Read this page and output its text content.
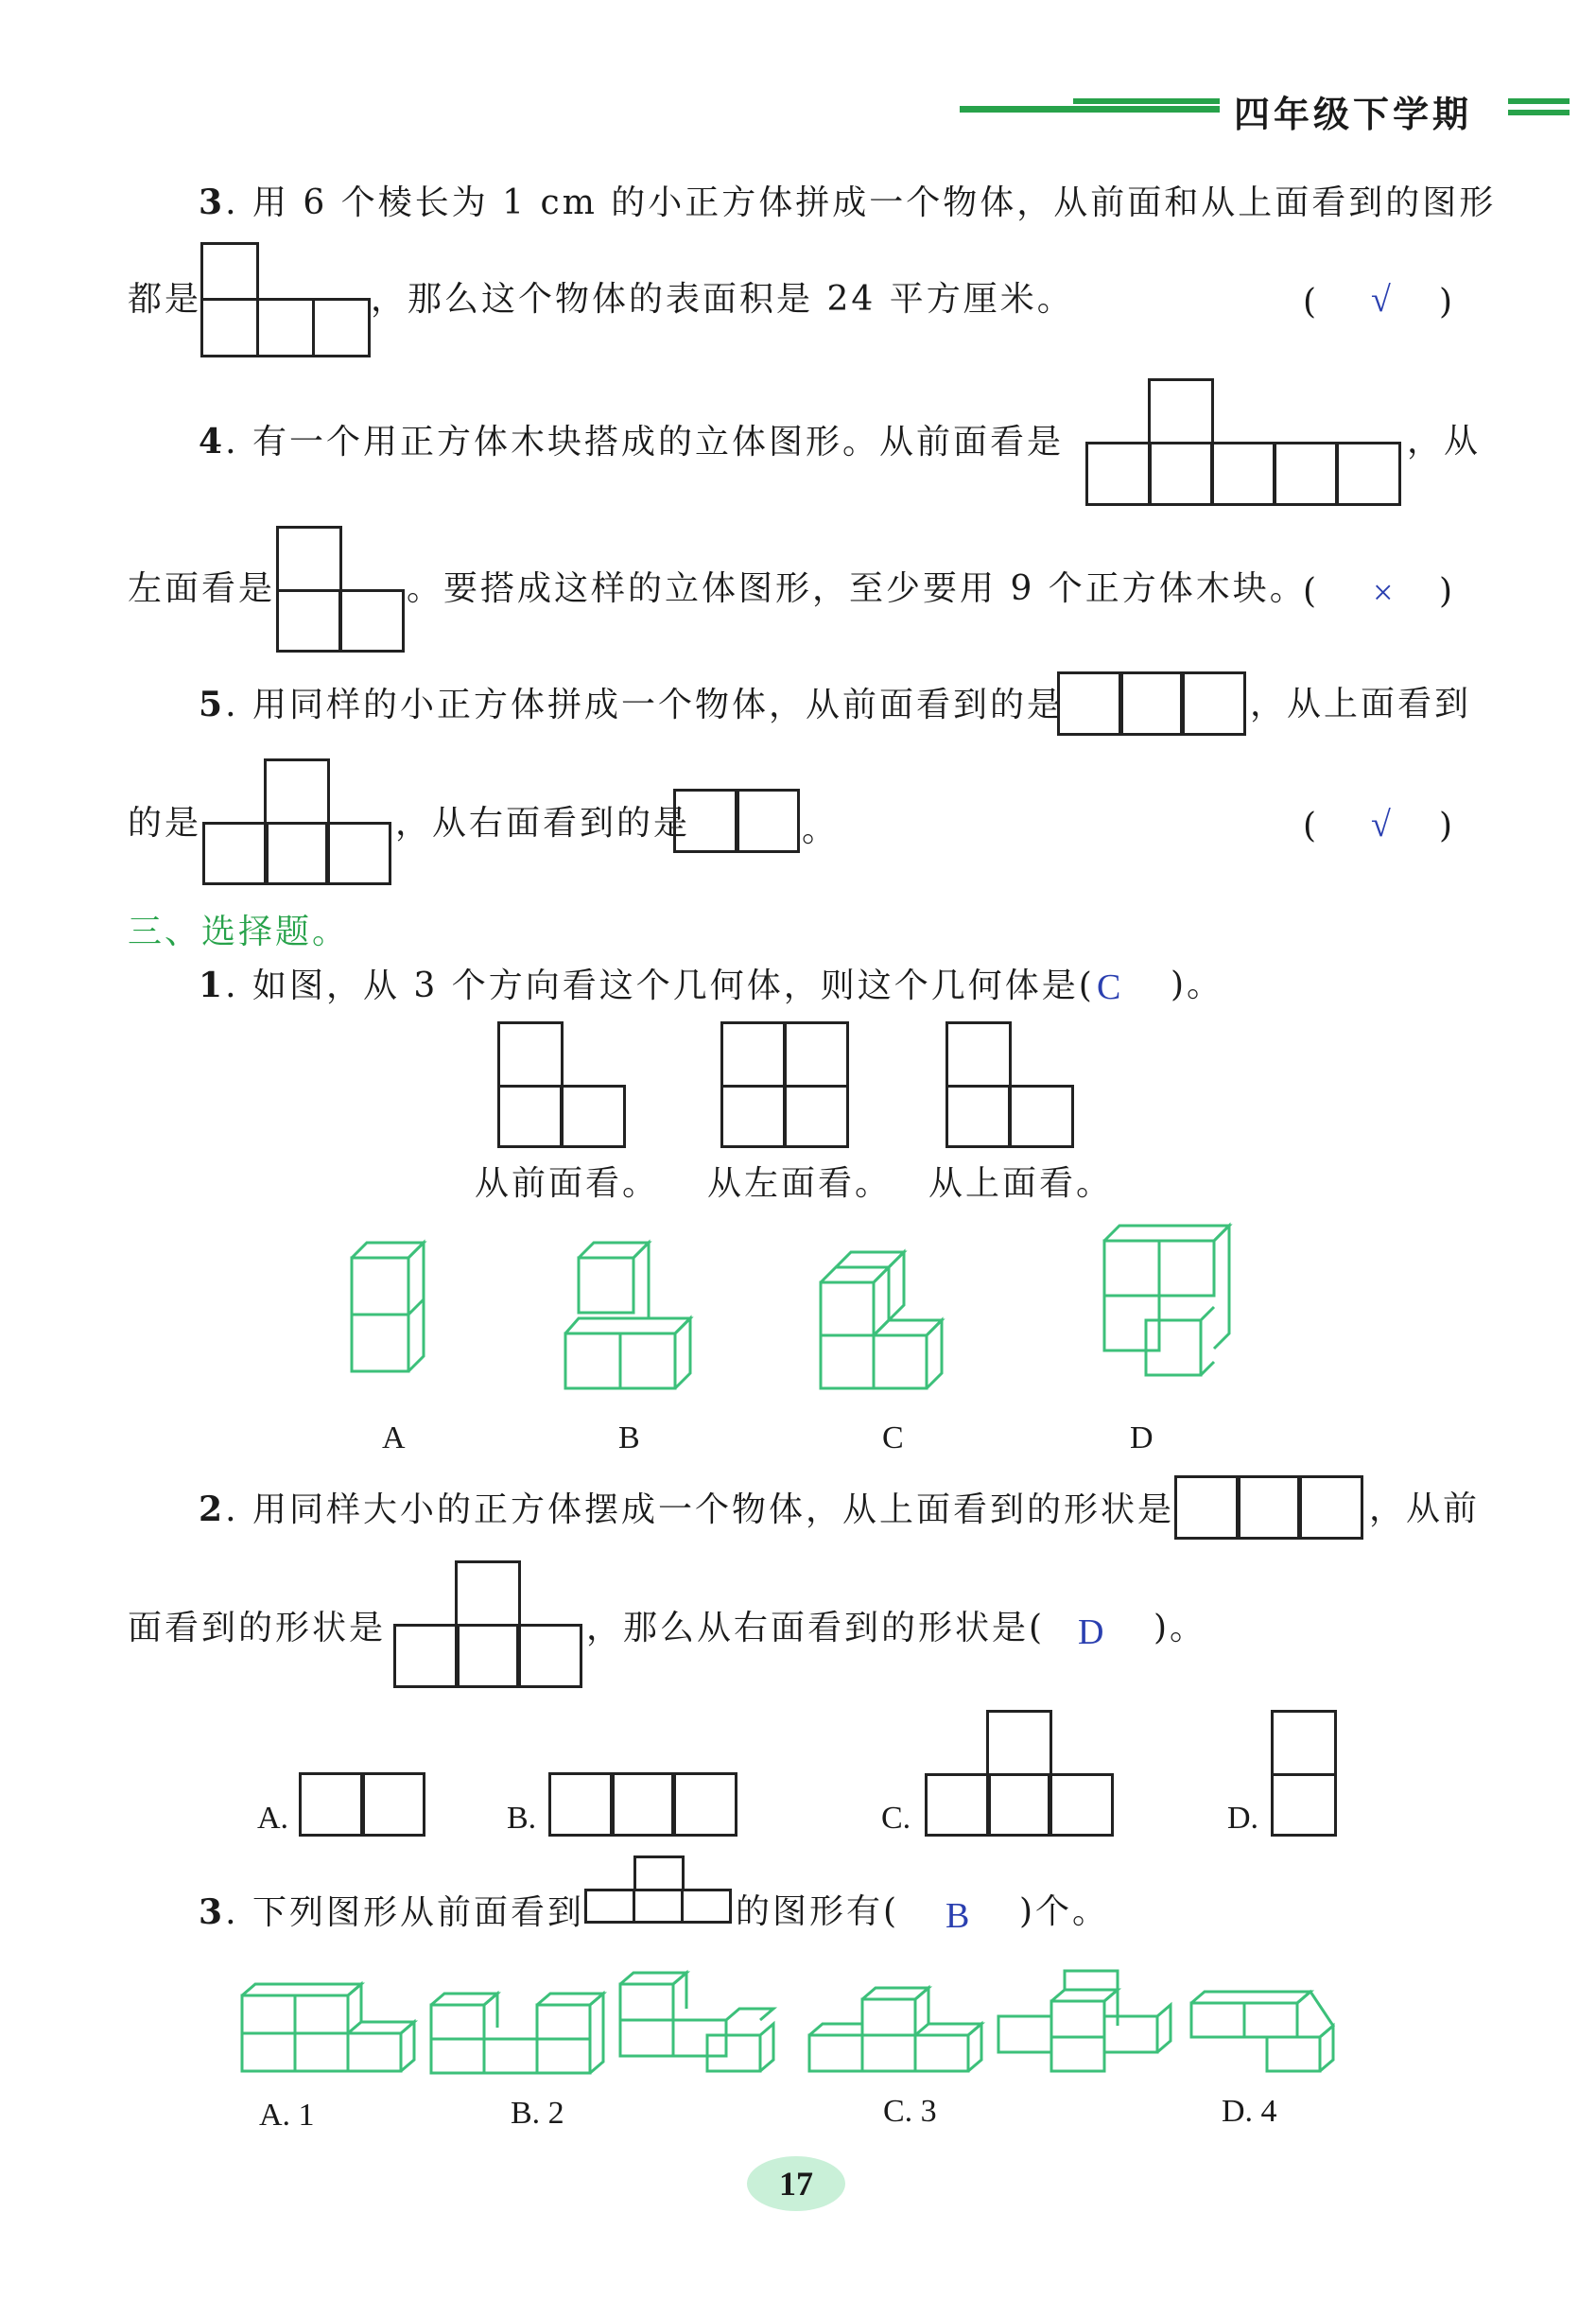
四年级下学期
3. 用 6 个棱长为 1 cm 的小正方体拼成一个物体，从前面和从上面看到的图形
都是	，那么这个物体的表面积是 24 平方厘米。	( √ )
4. 有一个用正方体木块搭成的立体图形。从前面看是	，从
左面看是	。要搭成这样的立体图形，至少要用 9 个正方体木块。
( × )
5. 用同样的小正方体拼成一个物体，从前面看到的是	，从上面看到
的是	，从右面看到的是	。	( √ )
三、选择题。
1. 如图，从 3 个方向看这个几何体，则这个几何体是( C )。
从前面看。 从左面看。 从上面看。
A	B	C	D
2. 用同样大小的正方体摆成一个物体，从上面看到的形状是	，从前
面看到的形状是	，那么从右面看到的形状是( D )。
A.	B.	C.	D.
3. 下列图形从前面看到	的图形有( B )个。
A. 1	B. 2	C. 3	D. 4
17
